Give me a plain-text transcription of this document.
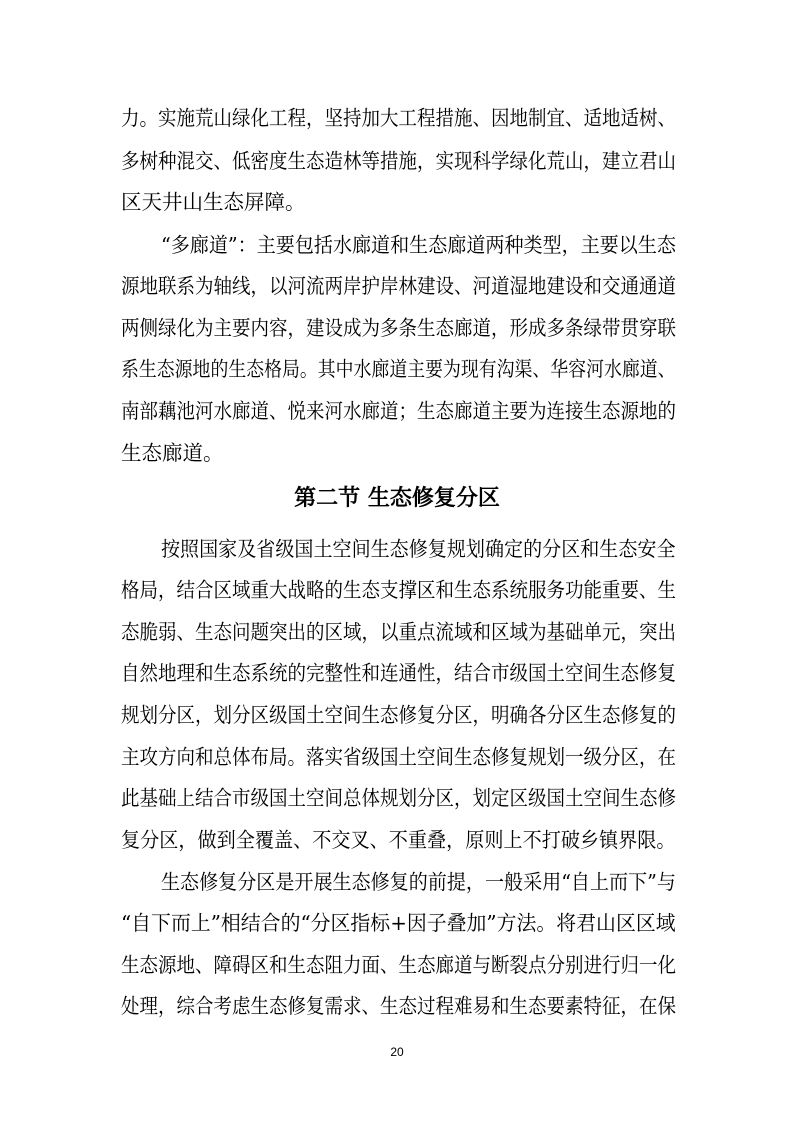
力。实施荒山绿化工程，坚持加大工程措施、因地制宜、适地适树、

多树种混交、低密度生态造林等措施，实现科学绿化荒山，建立君山

区天井山生态屏障。

“多廊道”：主要包括水廊道和生态廊道两种类型，主要以生态

源地联系为轴线，以河流两岸护岸林建设、河道湿地建设和交通通道

两侧绿化为主要内容，建设成为多条生态廊道，形成多条绿带贯穿联

系生态源地的生态格局。其中水廊道主要为现有沟渠、华容河水廊道、

南部藕池河水廊道、悦来河水廊道；生态廊道主要为连接生态源地的

生态廊道。

第二节 生态修复分区

按照国家及省级国土空间生态修复规划确定的分区和生态安全

格局，结合区域重大战略的生态支撑区和生态系统服务功能重要、生

态脆弱、生态问题突出的区域，以重点流域和区域为基础单元，突出

自然地理和生态系统的完整性和连通性，结合市级国土空间生态修复

规划分区，划分区级国土空间生态修复分区，明确各分区生态修复的

主攻方向和总体布局。落实省级国土空间生态修复规划一级分区，在

此基础上结合市级国土空间总体规划分区，划定区级国土空间生态修

复分区，做到全覆盖、不交叉、不重叠，原则上不打破乡镇界限。

生态修复分区是开展生态修复的前提，一般采用“自上而下”与

“自下而上”相结合的“分区指标+因子叠加”方法。将君山区区域

生态源地、障碍区和生态阻力面、生态廊道与断裂点分别进行归一化

处理，综合考虑生态修复需求、生态过程难易和生态要素特征，在保

20
